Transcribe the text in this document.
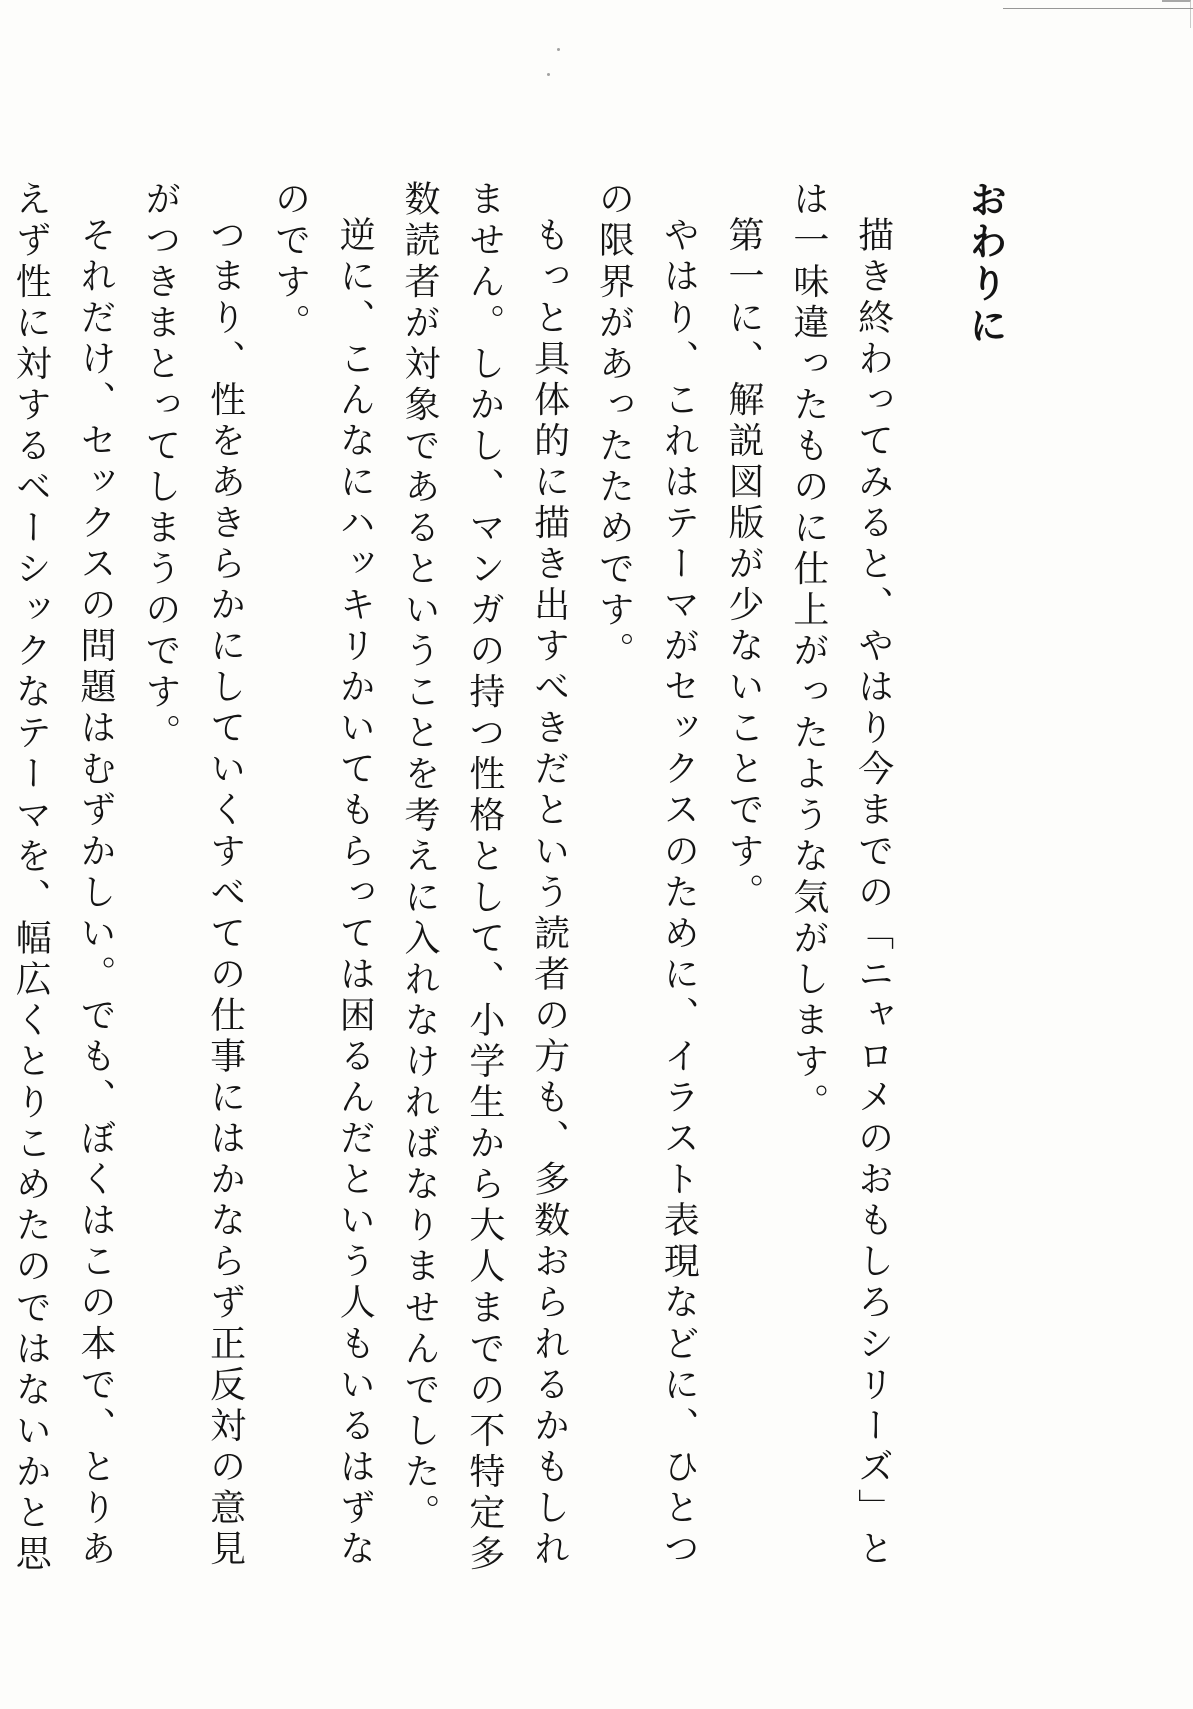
おわりに

描き終わってみると、やはり今までの「ニャロメのおもしろシリーズ」とは一味違ったものに仕上がったような気がします。

第一に、解説図版が少ないことです。

やはり、これはテーマがセックスのために、イラスト表現などに、ひとつの限界があったためです。

もっと具体的に描き出すべきだという読者の方も、多数おられるかもしれません。しかし、マンガの持つ性格として、小学生から大人までの不特定多数読者が対象であるということを考えに入れなければなりませんでした。

逆に、こんなにハッキリかいてもらっては困るんだという人もいるはずなのです。

つまり、性をあきらかにしていくすべての仕事にはかならず正反対の意見がつきまとってしまうのです。

それだけ、セックスの問題はむずかしい。でも、ぼくはこの本で、とりあえず性に対するベーシックなテーマを、幅広くとりこめたのではないかと思
